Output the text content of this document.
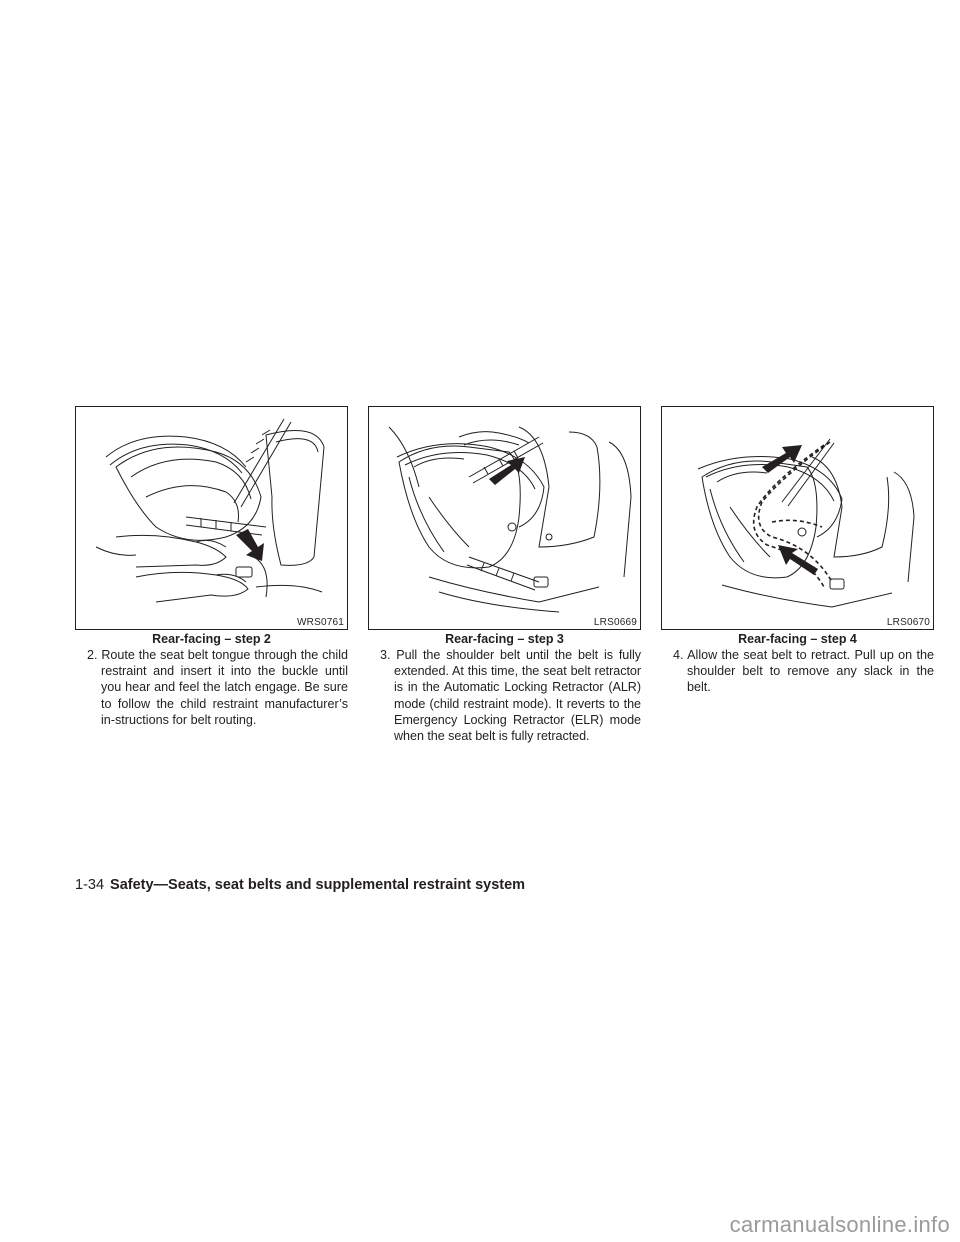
WRS0761
Rear-facing – step 2

2. Route the seat belt tongue through the child restraint and insert it into the buckle until you hear and feel the latch engage. Be sure to follow the child restraint manufacturer’s in-structions for belt routing.

LRS0669
Rear-facing – step 3

3. Pull the shoulder belt until the belt is fully extended. At this time, the seat belt retractor is in the Automatic Locking Retractor (ALR) mode (child restraint mode). It reverts to the Emergency Locking Retractor (ELR) mode when the seat belt is fully retracted.

LRS0670
Rear-facing – step 4

4. Allow the seat belt to retract. Pull up on the shoulder belt to remove any slack in the belt.

1-34 Safety—Seats, seat belts and supplemental restraint system
carmanualsonline.info
